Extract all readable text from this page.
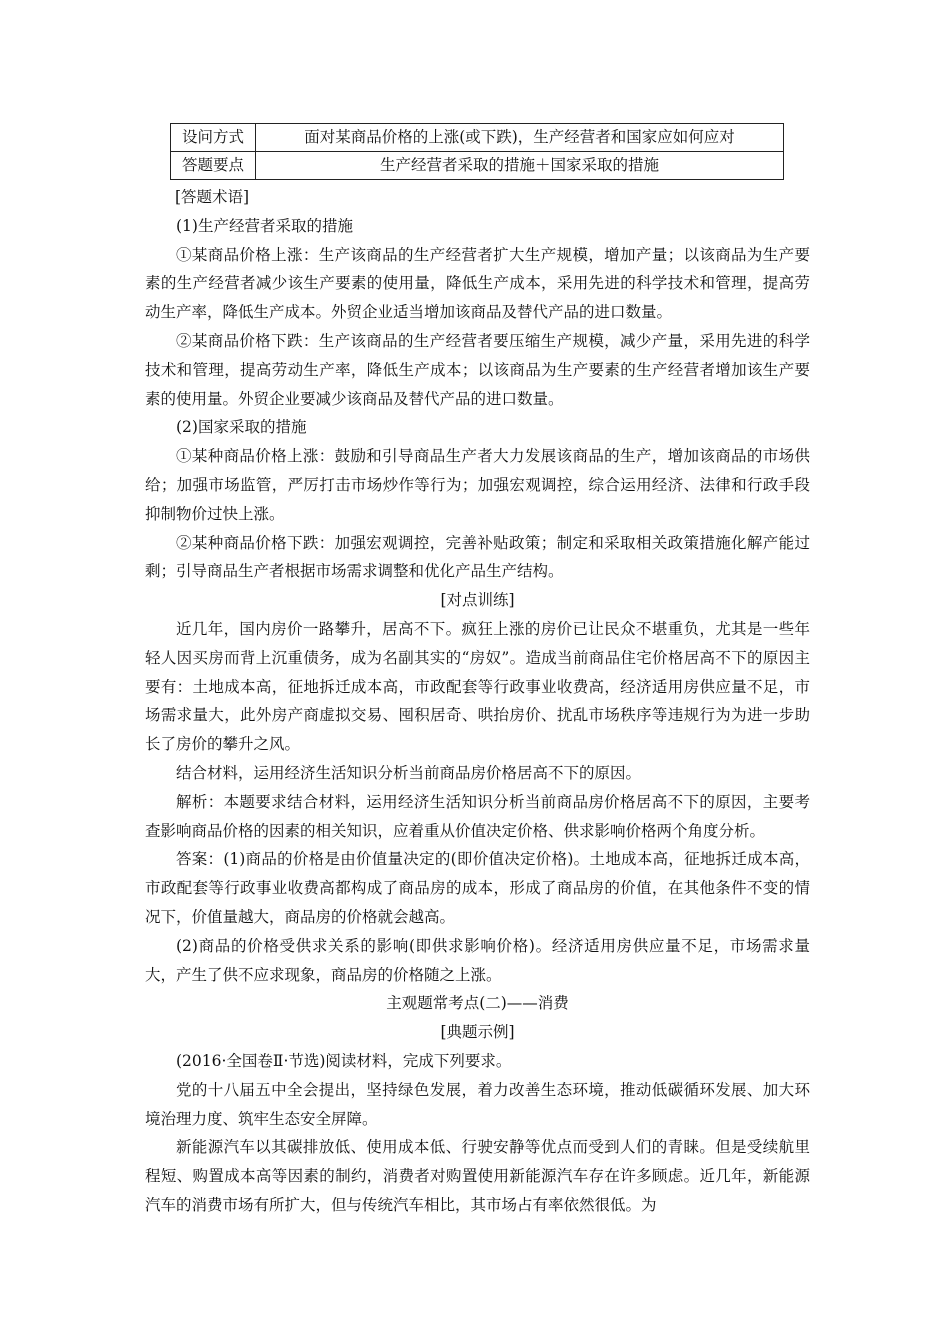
设问方式	面对某商品价格的上涨(或下跌)，生产经营者和国家应如何应对
答题要点	生产经营者采取的措施＋国家采取的措施

[答题术语]

(1)生产经营者采取的措施

①某商品价格上涨：生产该商品的生产经营者扩大生产规模，增加产量；以该商品为生产要素的生产经营者减少该生产要素的使用量，降低生产成本，采用先进的科学技术和管理，提高劳动生产率，降低生产成本。外贸企业适当增加该商品及替代产品的进口数量。

②某商品价格下跌：生产该商品的生产经营者要压缩生产规模，减少产量，采用先进的科学技术和管理，提高劳动生产率，降低生产成本；以该商品为生产要素的生产经营者增加该生产要素的使用量。外贸企业要减少该商品及替代产品的进口数量。

(2)国家采取的措施

①某种商品价格上涨：鼓励和引导商品生产者大力发展该商品的生产，增加该商品的市场供给；加强市场监管，严厉打击市场炒作等行为；加强宏观调控，综合运用经济、法律和行政手段抑制物价过快上涨。

②某种商品价格下跌：加强宏观调控，完善补贴政策；制定和采取相关政策措施化解产能过剩；引导商品生产者根据市场需求调整和优化产品生产结构。

[对点训练]

近几年，国内房价一路攀升，居高不下。疯狂上涨的房价已让民众不堪重负，尤其是一些年轻人因买房而背上沉重债务，成为名副其实的“房奴”。造成当前商品住宅价格居高不下的原因主要有：土地成本高，征地拆迁成本高，市政配套等行政事业收费高，经济适用房供应量不足，市场需求量大，此外房产商虚拟交易、囤积居奇、哄抬房价、扰乱市场秩序等违规行为为进一步助长了房价的攀升之风。

结合材料，运用经济生活知识分析当前商品房价格居高不下的原因。

解析：本题要求结合材料，运用经济生活知识分析当前商品房价格居高不下的原因，主要考查影响商品价格的因素的相关知识，应着重从价值决定价格、供求影响价格两个角度分析。

答案：(1)商品的价格是由价值量决定的(即价值决定价格)。土地成本高，征地拆迁成本高，市政配套等行政事业收费高都构成了商品房的成本，形成了商品房的价值，在其他条件不变的情况下，价值量越大，商品房的价格就会越高。

(2)商品的价格受供求关系的影响(即供求影响价格)。经济适用房供应量不足，市场需求量大，产生了供不应求现象，商品房的价格随之上涨。

主观题常考点(二)——消费

[典题示例]

(2016·全国卷Ⅱ·节选)阅读材料，完成下列要求。

党的十八届五中全会提出，坚持绿色发展，着力改善生态环境，推动低碳循环发展、加大环境治理力度、筑牢生态安全屏障。

新能源汽车以其碳排放低、使用成本低、行驶安静等优点而受到人们的青睐。但是受续航里程短、购置成本高等因素的制约，消费者对购置使用新能源汽车存在许多顾虑。近几年，新能源汽车的消费市场有所扩大，但与传统汽车相比，其市场占有率依然很低。为
